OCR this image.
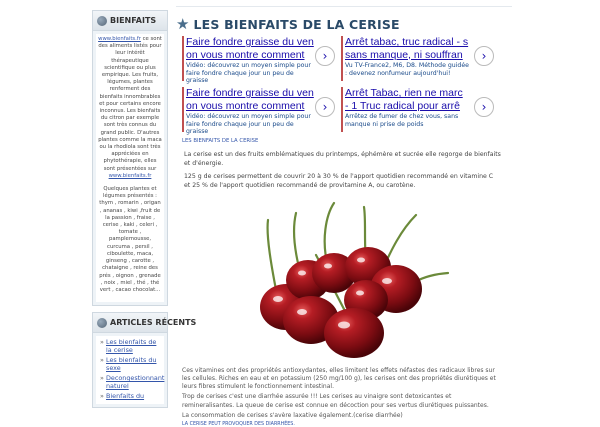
BIENFAITS

www.bienfaits.fr ce sont des aliments listés pour leur intérêt thérapeutique scientifique ou plus empirique. Les fruits, légumes, plantes renferment des bienfaits innombrables et pour certains encore inconnus. Les bienfaits du citron par exemple sont très connus du grand public. D'autres plantes comme la maca ou la rhodiola sont très appréciées en phytothérapie, elles sont présentées sur www.bienfaits.fr

Quelques plantes et légumes présentés : thym , romarin , origan , ananas , kiwi ,fruit de la passion , fraise , cerise , kaki , celeri , tomate , pamplemousse, curcuma , persil , ciboulette, maca, ginseng , carotte , chataigne , reine des prés , oignon , grenade , noix , miel , thé , thé vert , cacao chocolat...

ARTICLES RÉCENTS
» Les bienfaits de la cerise
» Les bienfaits du sexe
» Decongestionnant naturel
» Bienfaits du
★ LES BIENFAITS DE LA CERISE
Faire fondre graisse du ven
on vous montre comment
Vidéo: découvrez un moyen simple pour faire fondre chaque jour un peu de graisse
›
Arrêt tabac, truc radical - s
sans manque, ni souffran
Vu TV-France2, M6, D8. Méthode guidée : devenez nonfumeur aujourd'hui!
›
Faire fondre graisse du ven
on vous montre comment
Vidéo: découvrez un moyen simple pour faire fondre chaque jour un peu de graisse
›
Arrêt Tabac, rien ne marc
- 1 Truc radical pour arrê
Arrêtez de fumer de chez vous, sans manque ni prise de poids
›
LES BIENFAITS DE LA CERISE

La cerise est un des fruits emblématiques du printemps, éphémère et sucrée elle regorge de bienfaits et d'énergie.

125 g de cerises permettent de couvrir 20 à 30 % de l'apport quotidien recommandé en vitamine C et 25 % de l'apport quotidien recommandé de provitamine A, ou carotène.

Ces vitamines ont des propriétés antioxydantes, elles limitent les effets néfastes des radicaux libres sur les cellules. Riches en eau et en potassium (250 mg/100 g), les cerises ont des propriétés diurétiques et leurs fibres stimulent le fonctionnement intestinal.

Trop de cerises c'est une diarrhée assurée !!! Les cerises au vinaigre sont detoxicantes et remineralisantes. La queue de cerise est connue en décoction pour ses vertus diurétiques puissantes.

La consommation de cerises s'avère laxative également.(cerise diarrhée)

LA CERISE PEUT PROVOQUER DES DIARRHÉES.
